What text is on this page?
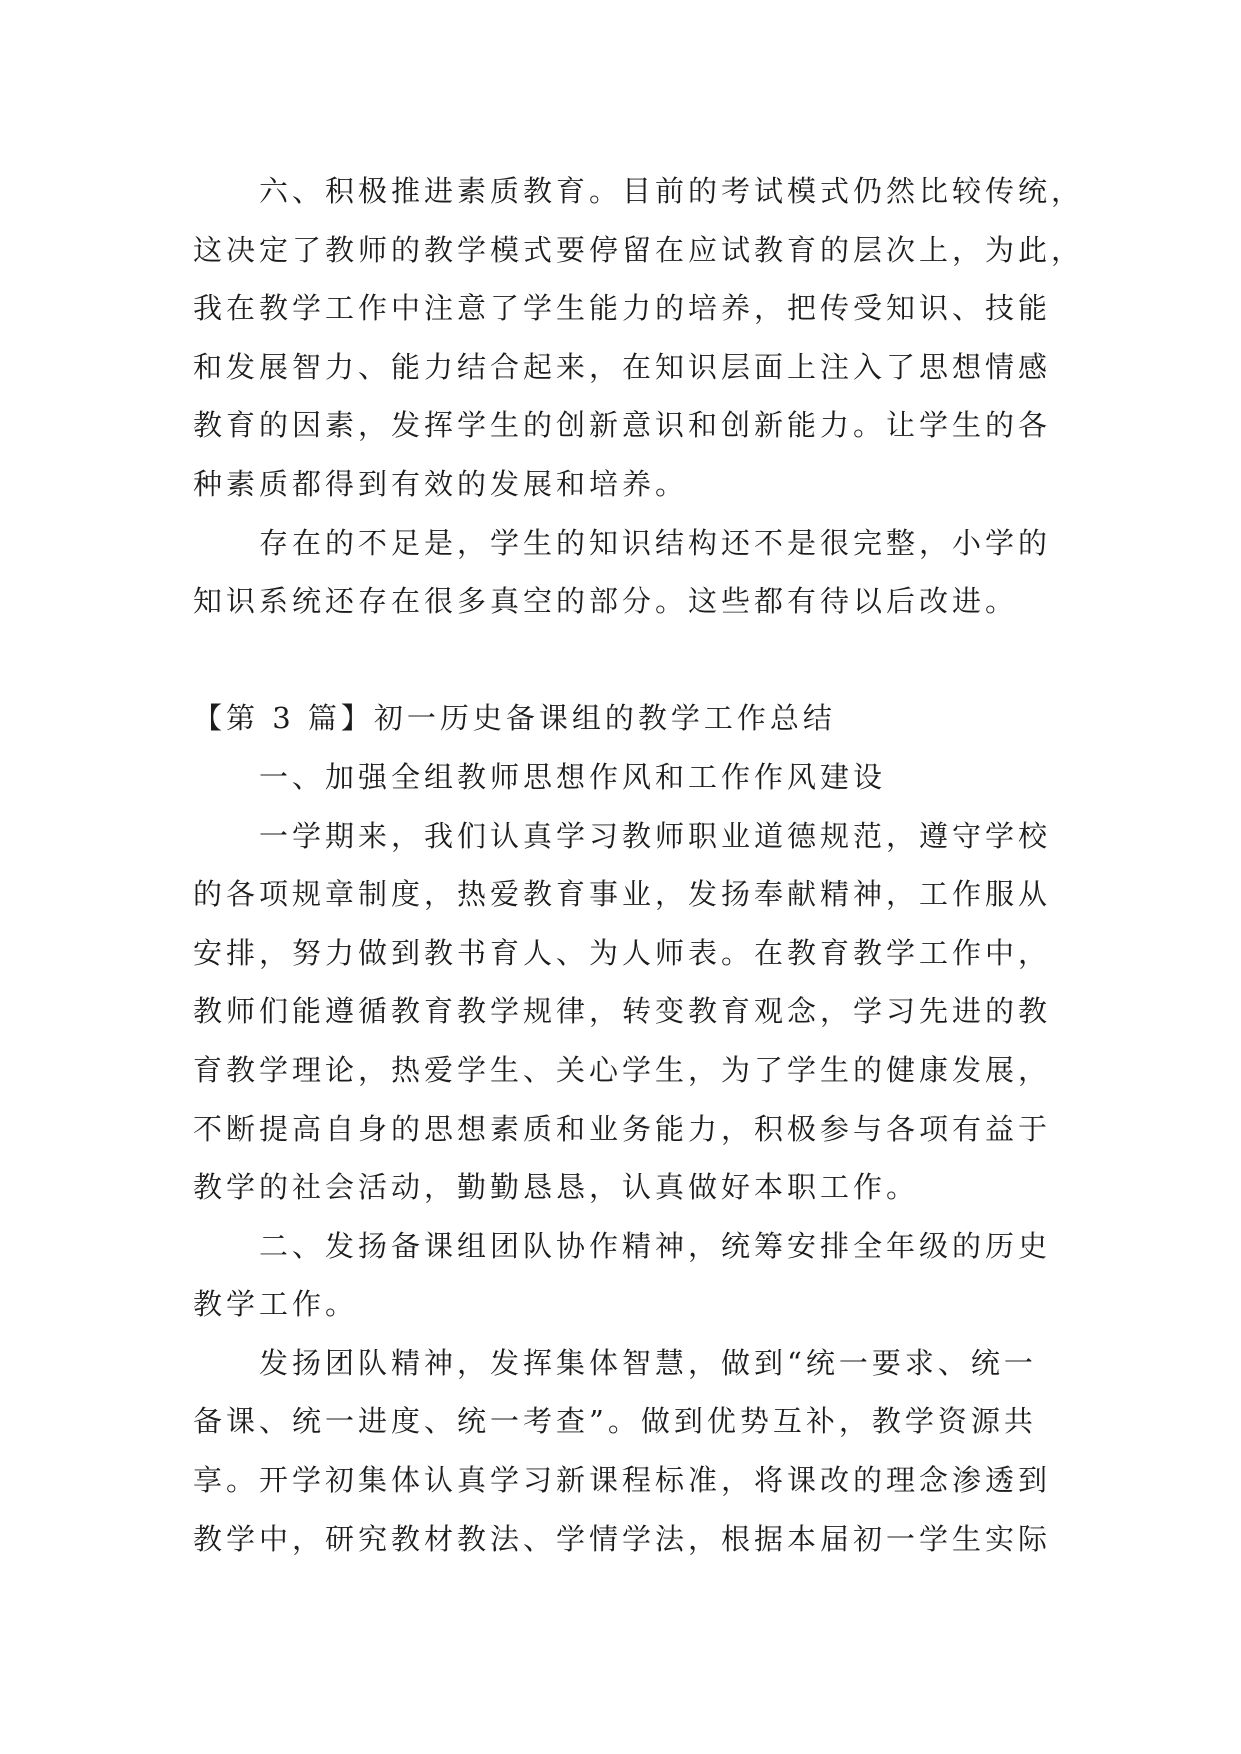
六、积极推进素质教育。目前的考试模式仍然比较传统，
这决定了教师的教学模式要停留在应试教育的层次上，为此，
我在教学工作中注意了学生能力的培养，把传受知识、技能
和发展智力、能力结合起来，在知识层面上注入了思想情感
教育的因素，发挥学生的创新意识和创新能力。让学生的各
种素质都得到有效的发展和培养。
存在的不足是，学生的知识结构还不是很完整，小学的
知识系统还存在很多真空的部分。这些都有待以后改进。
【第 3 篇】初一历史备课组的教学工作总结
一、加强全组教师思想作风和工作作风建设
一学期来，我们认真学习教师职业道德规范，遵守学校
的各项规章制度，热爱教育事业，发扬奉献精神，工作服从
安排，努力做到教书育人、为人师表。在教育教学工作中，
教师们能遵循教育教学规律，转变教育观念，学习先进的教
育教学理论，热爱学生、关心学生，为了学生的健康发展，
不断提高自身的思想素质和业务能力，积极参与各项有益于
教学的社会活动，勤勤恳恳，认真做好本职工作。
二、发扬备课组团队协作精神，统筹安排全年级的历史
教学工作。
发扬团队精神，发挥集体智慧，做到“统一要求、统一
备课、统一进度、统一考查”。做到优势互补，教学资源共
享。开学初集体认真学习新课程标准，将课改的理念渗透到
教学中，研究教材教法、学情学法，根据本届初一学生实际
